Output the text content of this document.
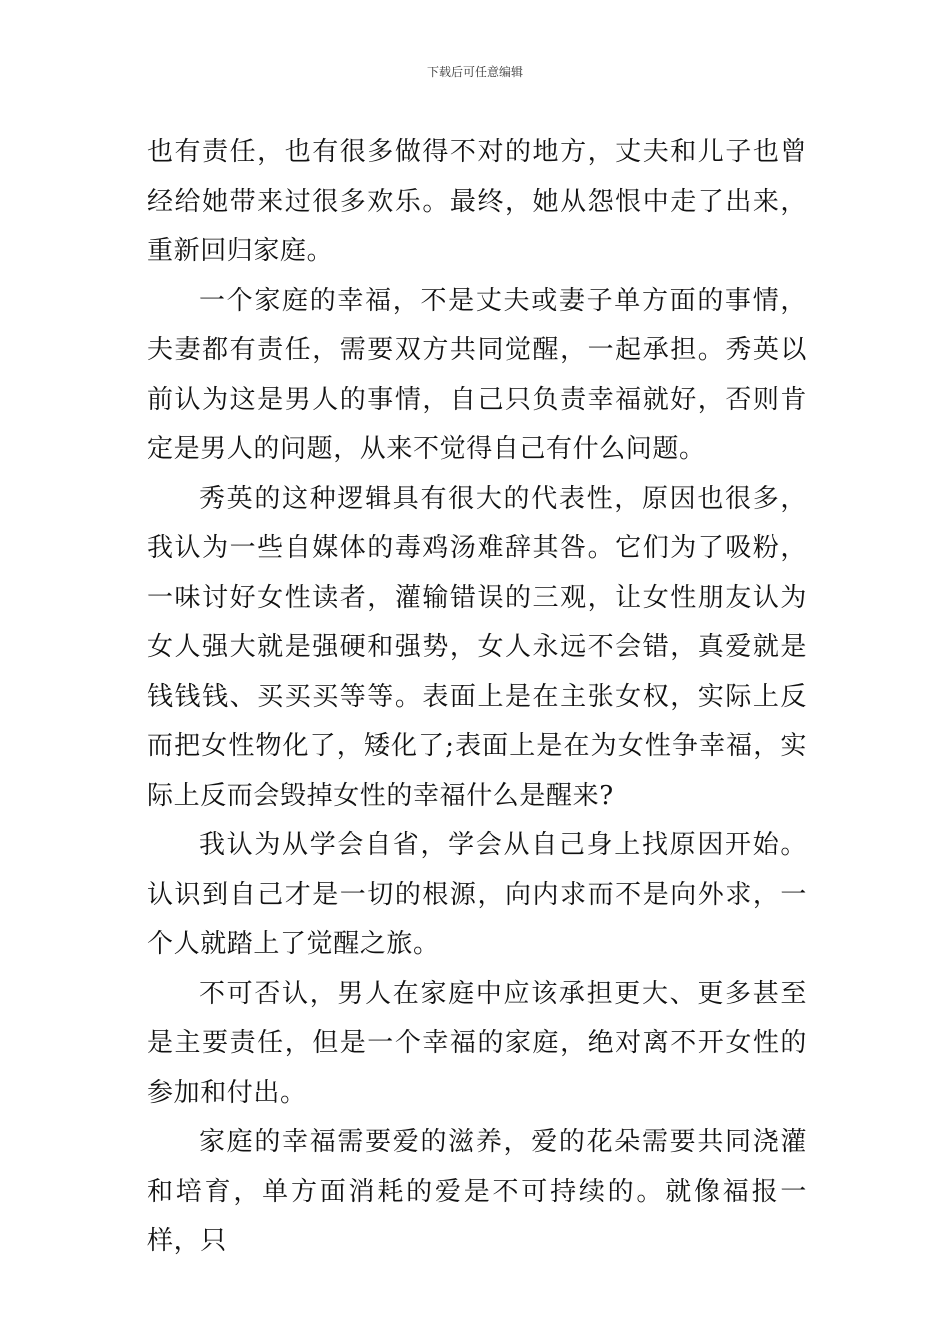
下载后可任意编辑

也有责任，也有很多做得不对的地方，丈夫和儿子也曾经给她带来过很多欢乐。最终，她从怨恨中走了出来，重新回归家庭。

一个家庭的幸福，不是丈夫或妻子单方面的事情，夫妻都有责任，需要双方共同觉醒，一起承担。秀英以前认为这是男人的事情，自己只负责幸福就好，否则肯定是男人的问题，从来不觉得自己有什么问题。

秀英的这种逻辑具有很大的代表性，原因也很多，我认为一些自媒体的毒鸡汤难辞其咎。它们为了吸粉，一味讨好女性读者，灌输错误的三观，让女性朋友认为女人强大就是强硬和强势，女人永远不会错，真爱就是钱钱钱、买买买等等。表面上是在主张女权，实际上反而把女性物化了，矮化了;表面上是在为女性争幸福，实际上反而会毁掉女性的幸福什么是醒来?

我认为从学会自省，学会从自己身上找原因开始。认识到自己才是一切的根源，向内求而不是向外求，一个人就踏上了觉醒之旅。

不可否认，男人在家庭中应该承担更大、更多甚至是主要责任，但是一个幸福的家庭，绝对离不开女性的参加和付出。

家庭的幸福需要爱的滋养，爱的花朵需要共同浇灌和培育，单方面消耗的爱是不可持续的。就像福报一样，只
